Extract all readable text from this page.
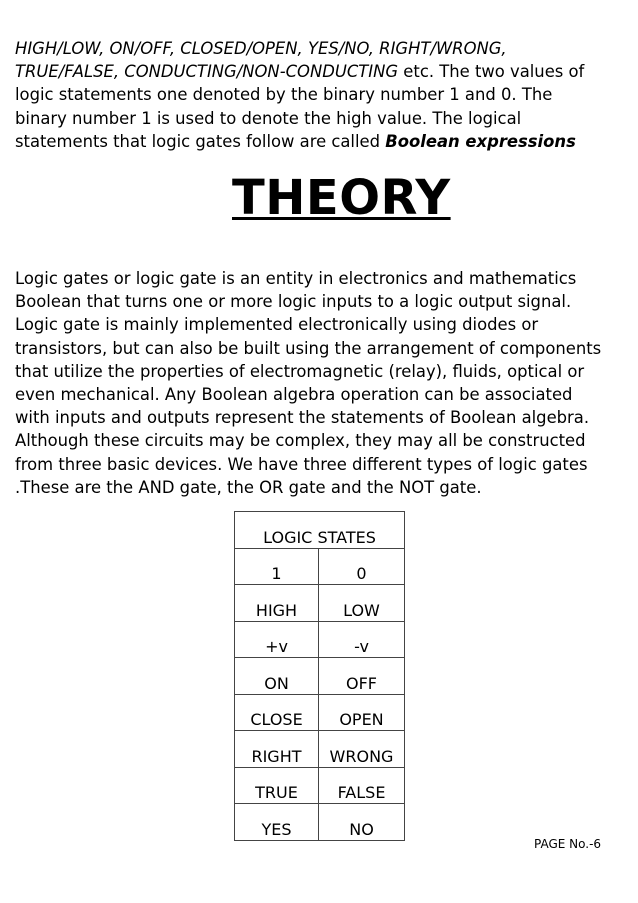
HIGH/LOW, ON/OFF, CLOSED/OPEN, YES/NO, RIGHT/WRONG,
TRUE/FALSE, CONDUCTING/NON-CONDUCTING etc. The two values of
logic statements one denoted by the binary number 1 and 0. The
binary number 1 is used to denote the high value. The logical
statements that logic gates follow are called Boolean expressions

THEORY

Logic gates or logic gate is an entity in electronics and mathematics
Boolean that turns one or more logic inputs to a logic output signal.
Logic gate is mainly implemented electronically using diodes or
transistors, but can also be built using the arrangement of components
that utilize the properties of electromagnetic (relay), fluids, optical or
even mechanical. Any Boolean algebra operation can be associated
with inputs and outputs represent the statements of Boolean algebra.
Although these circuits may be complex, they may all be constructed
from three basic devices. We have three different types of logic gates
.These are the AND gate, the OR gate and the NOT gate.

LOGIC STATES	
1	0
HIGH	LOW
+v	-v
ON	OFF
CLOSE	OPEN
RIGHT	WRONG
TRUE	FALSE
YES	NO

PAGE No.-6
